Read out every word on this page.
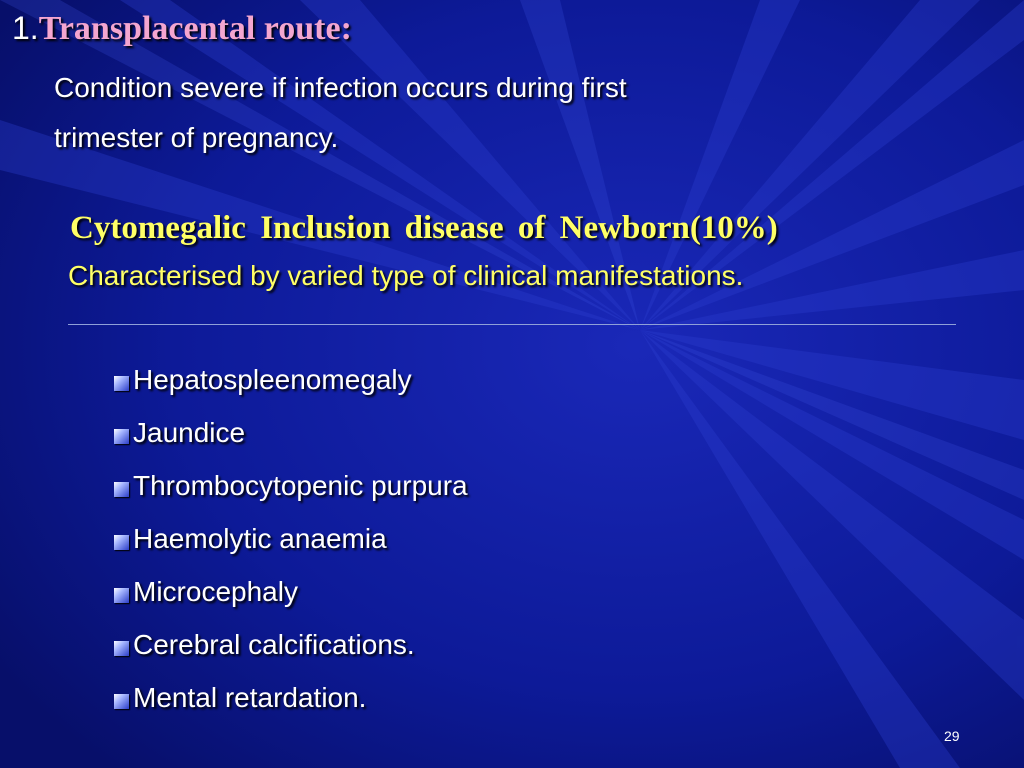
1.Transplacental route:
Condition severe if infection occurs during first
trimester of pregnancy.
Cytomegalic Inclusion disease of Newborn(10%)
Characterised by varied type of clinical manifestations.
Hepatospleenomegaly
Jaundice
Thrombocytopenic purpura
Haemolytic anaemia
Microcephaly
Cerebral calcifications.
Mental retardation.
29
